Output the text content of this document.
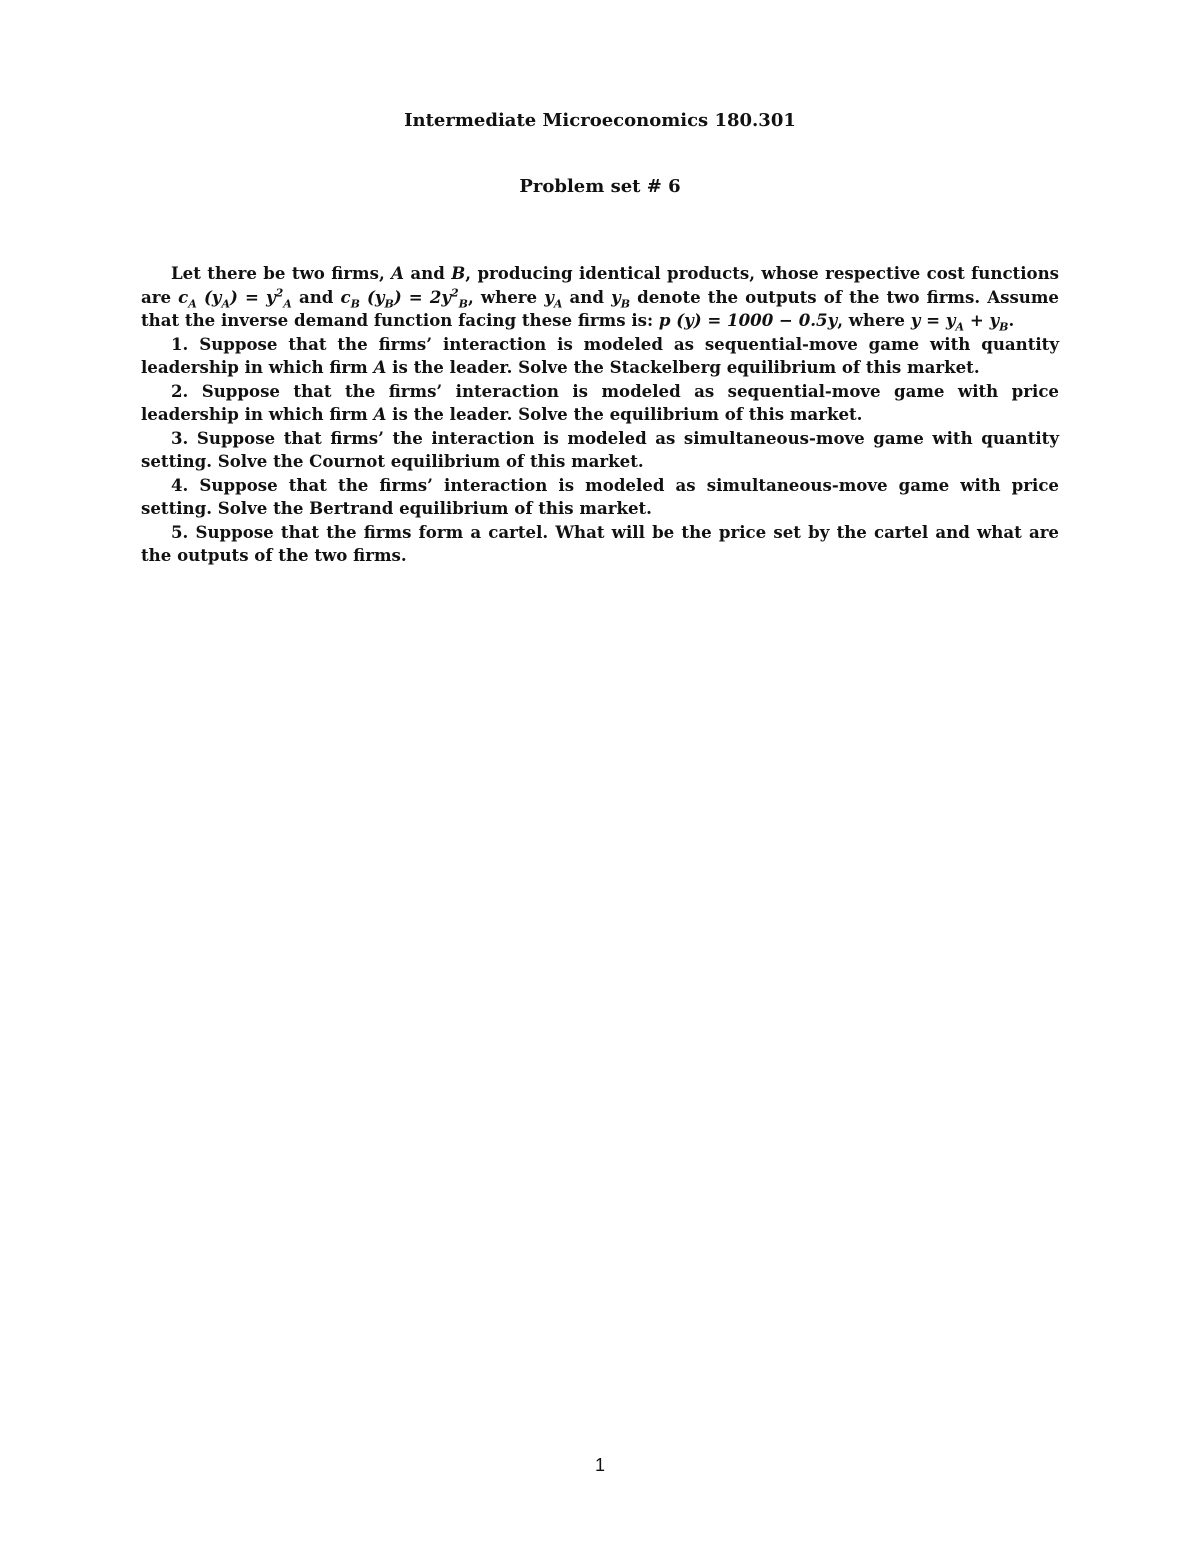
Intermediate Microeconomics 180.301
Problem set # 6

Let there be two firms, A and B, producing identical products, whose respective cost functions are $c_A$ $(y_A) = y^2_A$ and $c_B$ $(y_B) = 2y^2_B$, where $y_A$ and $y_B$ denote the outputs of the two firms. Assume that the inverse demand function facing these firms is: p (y) = 1000 − 0.5y, where $y = y_A + y_B$.

1. Suppose that the firms’ interaction is modeled as sequential-move game with quantity leadership in which firm A is the leader. Solve the Stackelberg equilibrium of this market.

2. Suppose that the firms’ interaction is modeled as sequential-move game with price leadership in which firm A is the leader. Solve the equilibrium of this market.

3. Suppose that firms’ the interaction is modeled as simultaneous-move game with quantity setting. Solve the Cournot equilibrium of this market.

4. Suppose that the firms’ interaction is modeled as simultaneous-move game with price setting. Solve the Bertrand equilibrium of this market.

5. Suppose that the firms form a cartel. What will be the price set by the cartel and what are the outputs of the two firms.

1
